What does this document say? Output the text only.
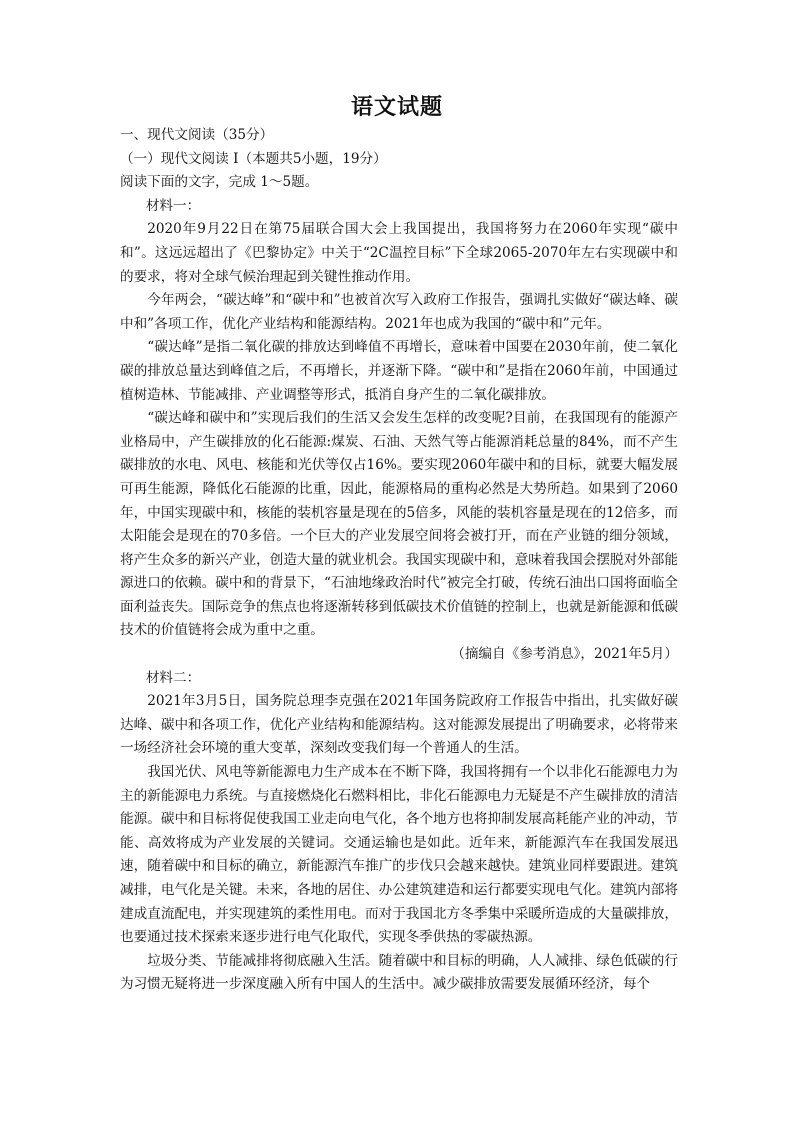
语文试题

一、现代文阅读（35分）

（一）现代文阅读 I（本题共5小题，19分）

阅读下面的文字，完成 1～5题。

材料一：

2020年9月22日在第75届联合国大会上我国提出，我国将努力在2060年实现“碳中和”。这远远超出了《巴黎协定》中关于“2C温控目标”下全球2065-2070年左右实现碳中和的要求，将对全球气候治理起到关键性推动作用。

今年两会，“碳达峰”和“碳中和”也被首次写入政府工作报告，强调扎实做好“碳达峰、碳中和”各项工作，优化产业结构和能源结构。2021年也成为我国的“碳中和”元年。

“碳达峰”是指二氧化碳的排放达到峰值不再增长，意味着中国要在2030年前，使二氧化碳的排放总量达到峰值之后，不再增长，并逐渐下降。“碳中和”是指在2060年前，中国通过植树造林、节能减排、产业调整等形式，抵消自身产生的二氧化碳排放。

“碳达峰和碳中和”实现后我们的生活又会发生怎样的改变呢?目前，在我国现有的能源产业格局中，产生碳排放的化石能源:煤炭、石油、天然气等占能源消耗总量的84%，而不产生碳排放的水电、风电、核能和光伏等仅占16%。要实现2060年碳中和的目标，就要大幅发展可再生能源，降低化石能源的比重，因此，能源格局的重构必然是大势所趋。如果到了2060年，中国实现碳中和，核能的装机容量是现在的5倍多，风能的装机容量是现在的12倍多，而太阳能会是现在的70多倍。一个巨大的产业发展空间将会被打开，而在产业链的细分领域，将产生众多的新兴产业，创造大量的就业机会。我国实现碳中和，意味着我国会摆脱对外部能源进口的依赖。碳中和的背景下，“石油地缘政治时代”被完全打破，传统石油出口国将面临全面利益丧失。国际竞争的焦点也将逐渐转移到低碳技术价值链的控制上，也就是新能源和低碳技术的价值链将会成为重中之重。

（摘编自《参考消息》，2021年5月）

材料二：

2021年3月5日，国务院总理李克强在2021年国务院政府工作报告中指出，扎实做好碳达峰、碳中和各项工作，优化产业结构和能源结构。这对能源发展提出了明确要求，必将带来一场经济社会环境的重大变革，深刻改变我们每一个普通人的生活。

我国光伏、风电等新能源电力生产成本在不断下降，我国将拥有一个以非化石能源电力为主的新能源电力系统。与直接燃烧化石燃料相比，非化石能源电力无疑是不产生碳排放的清洁能源。碳中和目标将促使我国工业走向电气化，各个地方也将抑制发展高耗能产业的冲动，节能、高效将成为产业发展的关键词。交通运输也是如此。近年来，新能源汽车在我国发展迅速，随着碳中和目标的确立，新能源汽车推广的步伐只会越来越快。建筑业同样要跟进。建筑减排，电气化是关键。未来，各地的居住、办公建筑建造和运行都要实现电气化。建筑内部将建成直流配电，并实现建筑的柔性用电。而对于我国北方冬季集中采暖所造成的大量碳排放，也要通过技术探索来逐步进行电气化取代，实现冬季供热的零碳热源。

垃圾分类、节能减排将彻底融入生活。随着碳中和目标的明确，人人减排、绿色低碳的行为习惯无疑将进一步深度融入所有中国人的生活中。减少碳排放需要发展循环经济，每个
